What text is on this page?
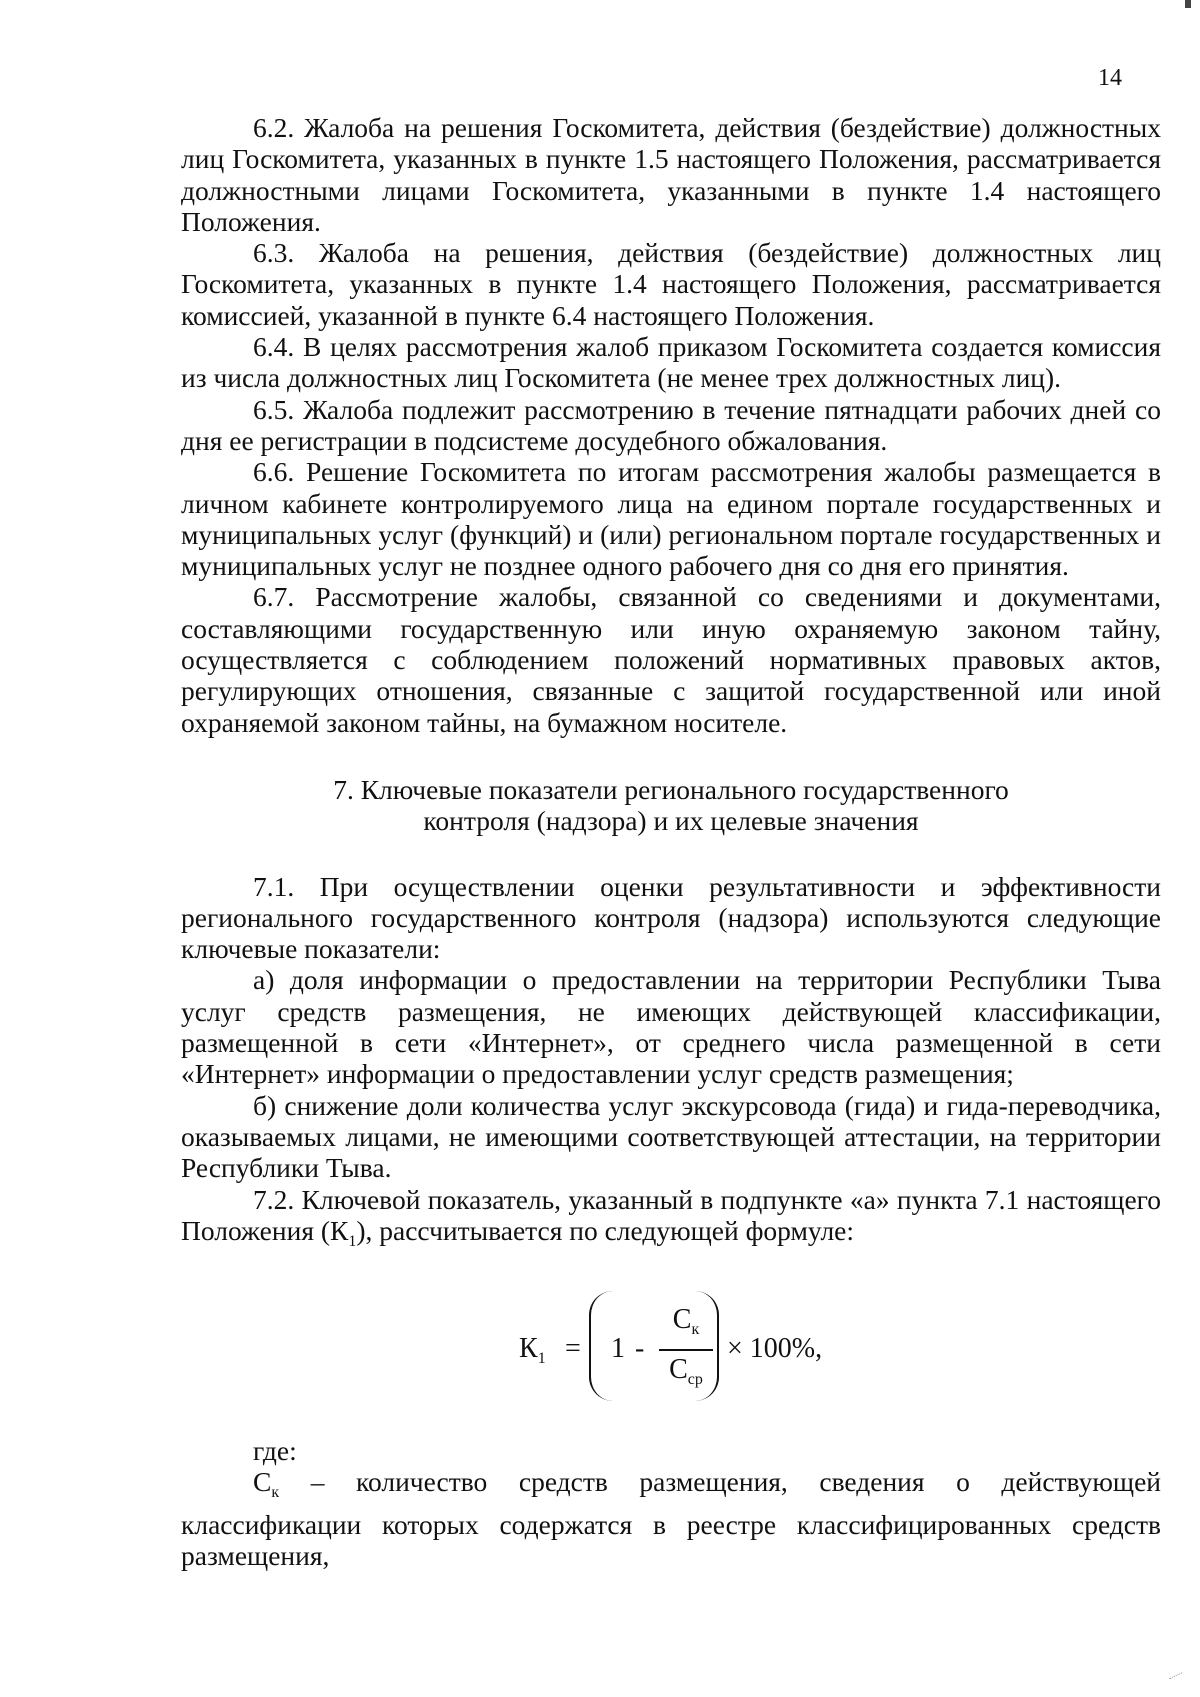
14

6.2. Жалоба на решения Госкомитета, действия (бездействие) должностных лиц Госкомитета, указанных в пункте 1.5 настоящего Положения, рассматривается должностными лицами Госкомитета, указанными в пункте 1.4 настоящего Положения.

6.3. Жалоба на решения, действия (бездействие) должностных лиц Госкомитета, указанных в пункте 1.4 настоящего Положения, рассматривается комиссией, указанной в пункте 6.4 настоящего Положения.

6.4. В целях рассмотрения жалоб приказом Госкомитета создается комиссия из числа должностных лиц Госкомитета (не менее трех должностных лиц).

6.5. Жалоба подлежит рассмотрению в течение пятнадцати рабочих дней со дня ее регистрации в подсистеме досудебного обжалования.

6.6. Решение Госкомитета по итогам рассмотрения жалобы размещается в личном кабинете контролируемого лица на едином портале государственных и муниципальных услуг (функций) и (или) региональном портале государственных и муниципальных услуг не позднее одного рабочего дня со дня его принятия.

6.7. Рассмотрение жалобы, связанной со сведениями и документами, составляющими государственную или иную охраняемую законом тайну, осуществляется с соблюдением положений нормативных правовых актов, регулирующих отношения, связанные с защитой государственной или иной охраняемой законом тайны, на бумажном носителе.

7. Ключевые показатели регионального государственного
контроля (надзора) и их целевые значения

7.1. При осуществлении оценки результативности и эффективности регионального государственного контроля (надзора) используются следующие ключевые показатели:

а) доля информации о предоставлении на территории Республики Тыва услуг средств размещения, не имеющих действующей классификации, размещенной в сети «Интернет», от среднего числа размещенной в сети «Интернет» информации о предоставлении услуг средств размещения;

б) снижение доли количества услуг экскурсовода (гида) и гида-переводчика, оказываемых лицами, не имеющими соответствующей аттестации, на территории Республики Тыва.

7.2. Ключевой показатель, указанный в подпункте «а» пункта 7.1 настоящего Положения $(К_1)$, рассчитывается по следующей формуле:

$К_1 = 1$ -
$С_к$
$С_{ср}$
× 100%,

где:

$С_к$ – количество средств размещения, сведения о действующей классификации которых содержатся в реестре классифицированных средств размещения,
